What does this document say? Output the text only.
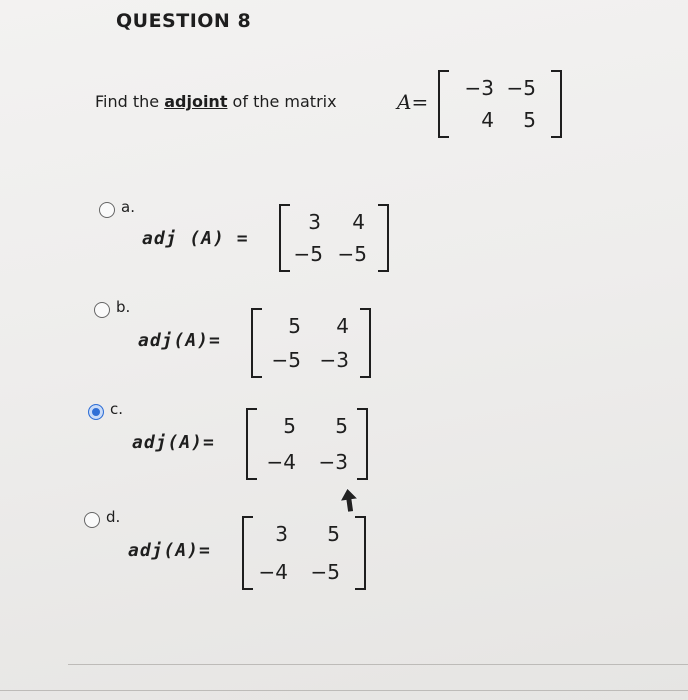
QUESTION 8
Find the adjoint of the matrix	A=
−3 −5
4	5
a.
adj (A) =
3	4
−5 −5
b.
adj(A)=
5	4
−5 −3
c.
adj(A)=
5	5
−4 −3
d.
adj(A)=
3	5
−4 −5
